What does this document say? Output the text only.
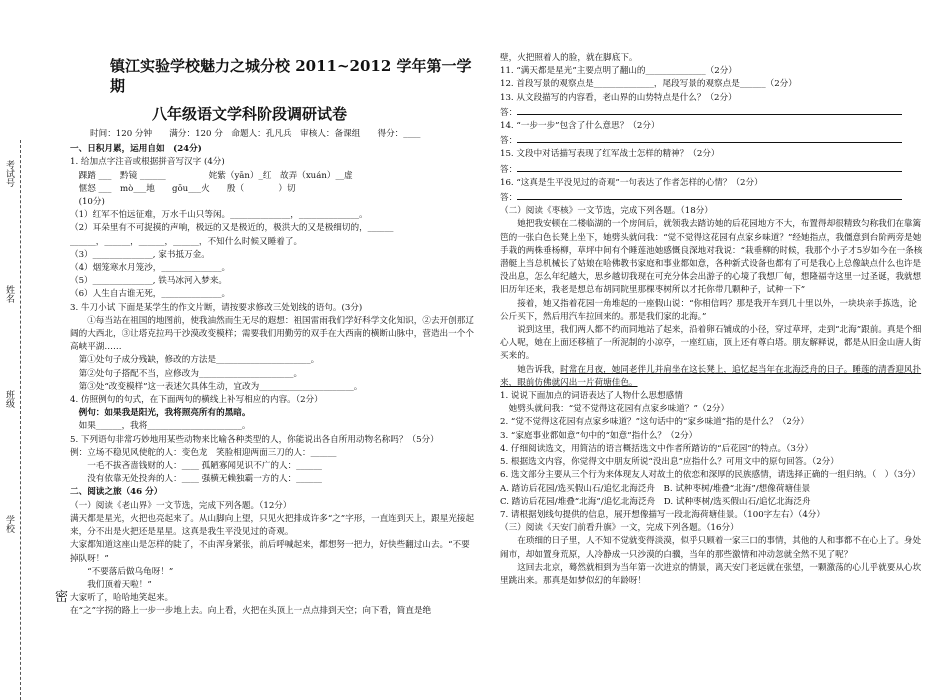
考试号
姓名
班级
学校
密
镇江实验学校魅力之城分校 2011~2012 学年第一学期
八年级语文学科阶段调研试卷
时间：120 分钟　　满分：120 分　命题人：孔凡兵　审核人：备课组　　得分：____

一、日积月累，运用自如　(24分)

1. 给加点字注音或根据拼音写汉字 (4分)

　踝踏 ___　黔镜 ______　　　　　姹紫（yān）_红　故弄（xuán）__虚

　惬怒 ___　mò___地　　gōu___火　　殷（　　　　）切

　(10分)

（1）红军不怕远征难，万水千山只等闲。______________，______________。

（2）耳朵里有不可捉摸的声响，极远的又是极近的，极洪大的又是极细切的，______

______，______，______，______，不知什么时候又睡着了。

（3）______________, 家书抵万金。

（4）烟笼寒水月笼沙，______________。

（5）______________, 铁马冰河入梦来。

（6）人生自古谁无死，______________。

3. 牛刀小试 下面是某学生的作文片断，请按要求修改三处划线的语句。(3分)

　　①每当站在祖国的地图前，使我油然而生无尽的遐想：祖国雷雨我们学好科学文化知识，②去开创那辽阔的大西北，③让塔克拉玛干沙漠改变模样；需要我们用勤劳的双手在大西南的横断山脉中，营造出一个个高峡平湖……

　第①处句子成分残缺，修改的方法是______________________。

　第②处句子搭配不当，应修改为______________________。

　第③处“改变模样”这一表述欠具体生动，宜改为______________________。

4. 仿照例句的句式，在下面两句的横线上补写相应的内容。（2分）

　例句：如果我是阳光，我将照亮所有的黑暗。

　如果______，我将______________________。

5. 下列语句非常巧妙地用某些动物来比喻各种类型的人，你能说出各自所用动物名称吗？（5分）

例：立场不稳见风使舵的人：变色龙　笑脸相迎两面三刀的人：______

　　一毛不拔吝啬钱财的人：____ 孤陋寡闻见识不广的人：______

　　没有依靠无处投奔的人：____ 强横无赖独霸一方的人：______

二、阅读之旅（46 分）

（一）阅读《老山界》一文节选，完成下列各题。（12分）

满天都是星光，火把也亮起来了。从山脚向上望，只见火把排成许多“之”字形，一直连到天上，跟星光接起来，分不出是火把还是星星。这真是我生平没见过的奇观。

大家都知道这座山是怎样的陡了，不由浑身紧张，前后呼喊起来，都想努一把力，好快些翻过山去。“不要掉队呀！”

　　“不要落后做乌龟呀！”

　　我们顶着天啦！”

大家听了，哈哈地笑起来。

在“之”字拐的路上一步一步地上去。向上看，火把在头顶上一点点排到天空；向下看，简直是绝

壁，火把照着人的脸，就在脚底下。

11. “满天都是星光”主要点明了翻山的______________（2分）

12. 首段写景的观察点是______________，尾段写景的观察点是______（2分）

13. 从文段描写的内容看，老山界的山势特点是什么？（2分）

答：

14. “一步一步”包含了什么意思？（2分）

答：

15. 文段中对话描写表现了红军战士怎样的精神？（2分）

答：

16. “这真是生平没见过的奇观”一句表达了作者怎样的心情？（2分）

答：

（二）阅读《枣核》一文节选，完成下列各题。（18分）

　　她把我安顿在二楼临湖的一个房间后，就领我去踏访她的后花园地方不大，布置得却很精致匀称我们在靠篱笆的一张白色长凳上坐下，她劈头就问我：“觉不觉得这花园有点家乡味道？”经她指点，我僵意到台阶两旁是她手栽的两株垂杨柳，草坪中间有个睡莲池她感慨良深地对我说：“栽垂柳的时候，我那个小子才5岁如今在一条核潜艇上当总机械长了姑娘在哈佛教书家庭和事业都如意，各种新式设备也都有了可是我心上总像缺点什么也许是没出息，怎么年纪越大，思乡越切我现在可充分体会出游子的心境了我想厂甸，想隆福寺这里一过圣诞，我就想旧历年还来，我老是想总布胡同院里那棵枣树所以才托你带几颗种子，试种一下”

　　接着，她又指着花园一角堆起的一座假山说：“你相信吗？那是我开车到几十里以外，一块块亲手拣选，论公斤买下，然后用汽车拉回来的。那是我们家的北海。”

　　说到这里，我们两人都不约而同地站了起来，沿着卵石铺成的小径，穿过草坪，走到“北海”跟前。真是个细心人呢，她在上面还移植了一所泥制的小凉亭，一座红庙，顶上还有尊白塔。朋友解释说，都是从旧金山唐人街买来的。

　　她告诉我，时常在月夜，她同老伴儿并肩坐在这长凳上，追忆起当年在北海泛舟的日子。睡莲的清香迎风扑来，眼前仿佛就闪出一片荷塘佳色。

1. 说说下面加点的词语表达了人物什么思想感情

　她劈头就问我：“觉不觉得这花园有点家乡味道？”（2分）

2. “觉不觉得这花园有点家乡味道？”这句话中的“家乡味道”指的是什么？（2分）

3. “家庭事业都如意”句中的“如意”指什么？（2分）

4. 仔细阅读选文，用简洁的语言概括选文中作者所踏访的“后花园”的特点。（3分）

5. 根据选文内容，你觉得文中朋友所说“没出息”应指什么？可用文中的原句回答。（2分）

6. 选文部分主要从三个行为来体现友人对故土的依恋和深厚的民族感情，请选择正确的一组归纳。（　）（3分）

A. 踏访后花园/选买假山石/追忆北海泛舟　B. 试种枣树/堆叠“北海”/想像荷塘佳景

C. 踏访后花园/堆叠“北海”/追忆北海泛舟　D. 试种枣树/选买假山石/追忆北海泛舟

7. 请根据划线句提供的信息，展开想像描写一段北海荷塘佳景。（100字左右）（4分）

（三）阅读《天安门前看升旗》一文，完成下列各题。（16分）

　　在琐细的日子里，人不知不觉就变得淡漠，似乎只顾着一家三口的事情，其他的人和事都不在心上了。身处闹市，却如置身荒原，人冷静成一只沙漠的白骥，当年的那些激情和冲动忽就全然不见了呢？

　　这回去北京，蓦然就相到为当年第一次进京的情景，离天安门老远就在张望，一颗激荡的心儿乎就要从心坎里跳出来。那真是如梦似幻的年龄呀！
